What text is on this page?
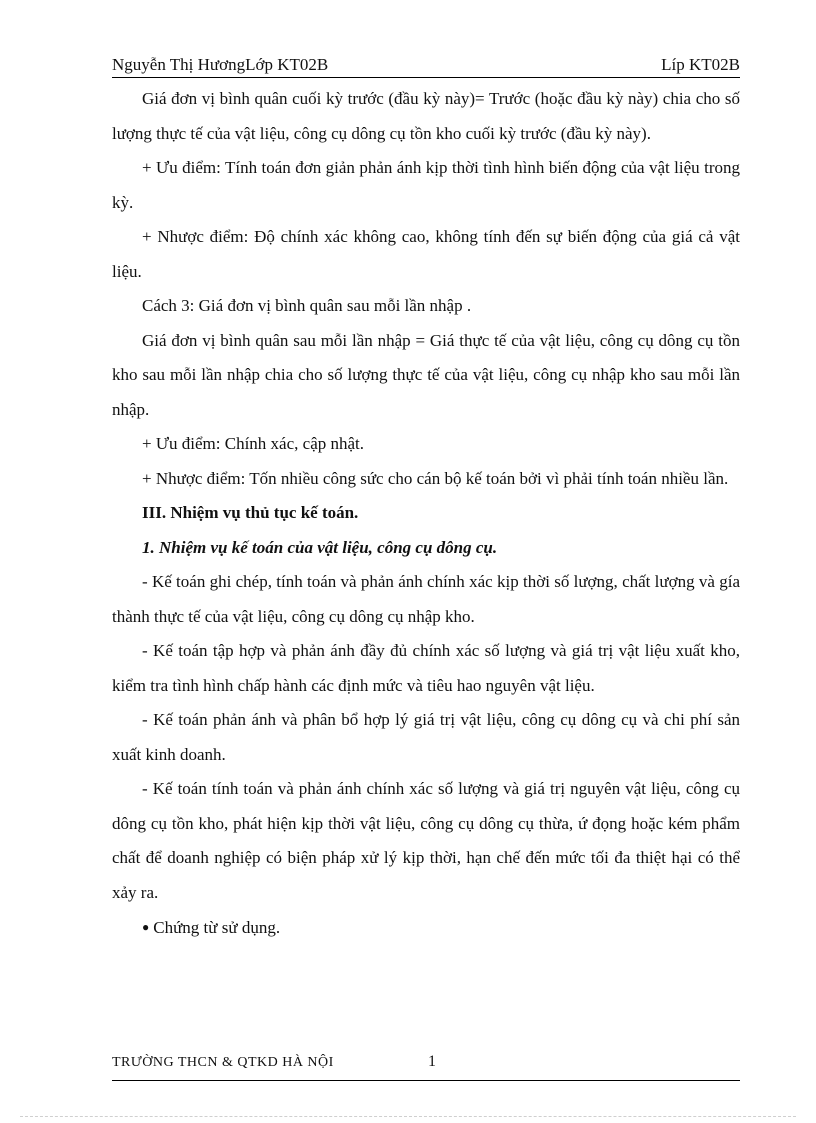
Nguyễn Thị HươngLớp KT02B	Líp KT02B

Giá đơn vị bình quân cuối kỳ trước (đầu kỳ này)= Trước (hoặc đầu kỳ này) chia cho số lượng thực tế của vật liệu, công cụ dông cụ tồn kho cuối kỳ trước (đầu kỳ này).

+ Ưu điểm: Tính toán đơn giản phản ánh kịp thời tình hình biến động của vật liệu trong kỳ.

+ Nhược điểm: Độ chính xác không cao, không tính đến sự biến động của giá cả vật liệu.

Cách 3: Giá đơn vị bình quân sau mỗi lần nhập .

Giá đơn vị bình quân sau mỗi lần nhập = Giá thực tế của vật liệu, công cụ dông cụ tồn kho sau mỗi lần nhập chia cho số lượng thực tế của vật liệu, công cụ nhập kho sau mỗi lần nhập.

+ Ưu điểm: Chính xác, cập nhật.

+ Nhược điểm: Tốn nhiều công sức cho cán bộ kế toán bởi vì phải tính toán nhiều lần.

III. Nhiệm vụ thủ tục kế toán.

1. Nhiệm vụ kế toán của vật liệu, công cụ dông cụ.

- Kế toán ghi chép, tính toán và phản ánh chính xác kịp thời số lượng, chất lượng và gía thành thực tế của vật liệu, công cụ dông cụ nhập kho.

- Kế toán tập hợp và phản ánh đầy đủ chính xác số lượng và giá trị vật liệu xuất kho, kiểm tra tình hình chấp hành các định mức và tiêu hao nguyên vật liệu.

- Kế toán phản ánh và phân bổ hợp lý giá trị vật liệu, công cụ dông cụ và chi phí sản xuất kinh doanh.

- Kế toán tính toán và phản ánh chính xác số lượng và giá trị nguyên vật liệu, công cụ dông cụ tồn kho, phát hiện kịp thời vật liệu, công cụ dông cụ thừa, ứ đọng hoặc kém phẩm chất để doanh nghiệp có biện pháp xử lý kịp thời, hạn chế đến mức tối đa thiệt hại có thể xảy ra.

● Chứng từ sử dụng.

TRƯỜNG THCN & QTKD HÀ NỘI	1
